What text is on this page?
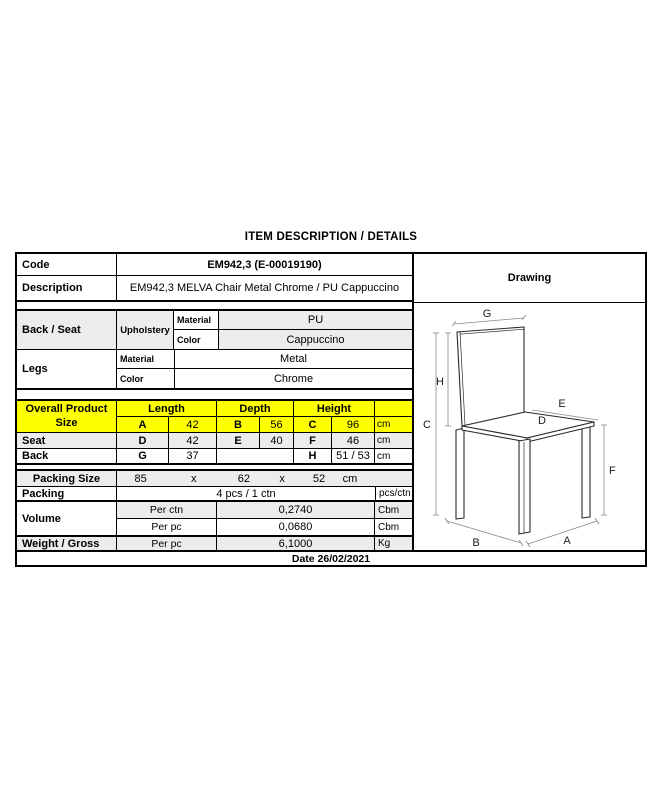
ITEM DESCRIPTION / DETAILS
Code	EM942,3 (E-00019190)
Description	EM942,3 MELVA Chair Metal Chrome / PU Cappuccino
Back / Seat	Upholstery
Material	PU
Color	Cappuccino
Legs
Material	Metal
Color	Chrome
Overall Product Size
Length	Depth	Height
A	42	B	56	C	96	cm
Seat	D	42	E	40	F	46	cm
Back	G	37	H	51 / 53 cm
Packing Size	85	x	62	x	52	cm
Packing	4 pcs / 1 ctn	pcs/ctn
Volume
Per ctn	0,2740	Cbm
Per pc	0,0680	Cbm
Weight / Gross	Per pc	6,1000	Kg
Drawing
G
H
C
E
D
F
B	A
Date 26/02/2021
